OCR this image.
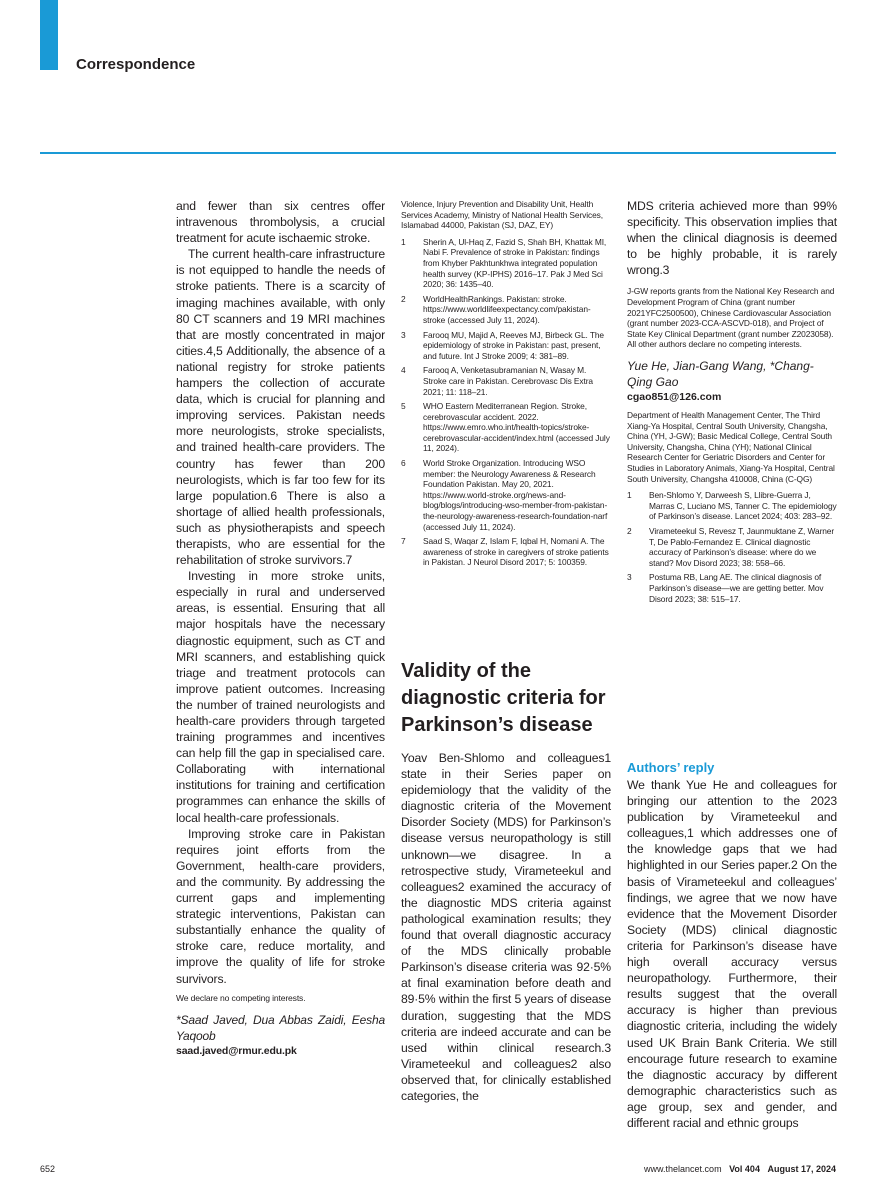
Correspondence

and fewer than six centres offer intravenous thrombolysis, a crucial treatment for acute ischaemic stroke.

The current health-care infrastructure is not equipped to handle the needs of stroke patients. There is a scarcity of imaging machines available, with only 80 CT scanners and 19 MRI machines that are mostly concentrated in major cities.4,5 Additionally, the absence of a national registry for stroke patients hampers the collection of accurate data, which is crucial for planning and improving services. Pakistan needs more neurologists, stroke specialists, and trained health-care providers. The country has fewer than 200 neurologists, which is far too few for its large population.6 There is also a shortage of allied health professionals, such as physiotherapists and speech therapists, who are essential for the rehabilitation of stroke survivors.7

Investing in more stroke units, especially in rural and underserved areas, is essential. Ensuring that all major hospitals have the necessary diagnostic equipment, such as CT and MRI scanners, and establishing quick triage and treatment protocols can improve patient outcomes. Increasing the number of trained neurologists and health-care providers through targeted training programmes and incentives can help fill the gap in specialised care. Collaborating with international institutions for training and certification programmes can enhance the skills of local health-care professionals.

Improving stroke care in Pakistan requires joint efforts from the Government, health-care providers, and the community. By addressing the current gaps and implementing strategic interventions, Pakistan can substantially enhance the quality of stroke care, reduce mortality, and improve the quality of life for stroke survivors.

We declare no competing interests.

*Saad Javed, Dua Abbas Zaidi, Eesha Yaqoob

saad.javed@rmur.edu.pk

Violence, Injury Prevention and Disability Unit, Health Services Academy, Ministry of National Health Services, Islamabad 44000, Pakistan (SJ, DAZ, EY)

1	Sherin A, Ul-Haq Z, Fazid S, Shah BH, Khattak MI, Nabi F. Prevalence of stroke in Pakistan: findings from Khyber Pakhtunkhwa integrated population health survey (KP-IPHS) 2016–17. Pak J Med Sci 2020; 36: 1435–40.
2	WorldHealthRankings. Pakistan: stroke. https://www.worldlifeexpectancy.com/pakistan-stroke (accessed July 11, 2024).
3	Farooq MU, Majid A, Reeves MJ, Birbeck GL. The epidemiology of stroke in Pakistan: past, present, and future. Int J Stroke 2009; 4: 381–89.
4	Farooq A, Venketasubramanian N, Wasay M. Stroke care in Pakistan. Cerebrovasc Dis Extra 2021; 11: 118–21.
5	WHO Eastern Mediterranean Region. Stroke, cerebrovascular accident. 2022. https://www.emro.who.int/health-topics/stroke-cerebrovascular-accident/index.html (accessed July 11, 2024).
6	World Stroke Organization. Introducing WSO member: the Neurology Awareness & Research Foundation Pakistan. May 20, 2021. https://www.world-stroke.org/news-and-blog/blogs/introducing-wso-member-from-pakistan-the-neurology-awareness-research-foundation-narf (accessed July 11, 2024).
7	Saad S, Waqar Z, Islam F, Iqbal H, Nomani A. The awareness of stroke in caregivers of stroke patients in Pakistan. J Neurol Disord 2017; 5: 100359.
Validity of the diagnostic criteria for Parkinson’s disease

Yoav Ben-Shlomo and colleagues1 state in their Series paper on epidemiology that the validity of the diagnostic criteria of the Movement Disorder Society (MDS) for Parkinson’s disease versus neuropathology is still unknown—we disagree. In a retrospective study, Virameteekul and colleagues2 examined the accuracy of the diagnostic MDS criteria against pathological examination results; they found that overall diagnostic accuracy of the MDS clinically probable Parkinson’s disease criteria was 92·5% at final examination before death and 89·5% within the first 5 years of disease duration, suggesting that the MDS criteria are indeed accurate and can be used within clinical research.3 Virameteekul and colleagues2 also observed that, for clinically established categories, the

MDS criteria achieved more than 99% specificity. This observation implies that when the clinical diagnosis is deemed to be highly probable, it is rarely wrong.3

J-GW reports grants from the National Key Research and Development Program of China (grant number 2021YFC2500500), Chinese Cardiovascular Association (grant number 2023-CCA-ASCVD-018), and Project of State Key Clinical Department (grant number Z2023058). All other authors declare no competing interests.

Yue He, Jian-Gang Wang, *Chang-Qing Gao

cgao851@126.com

Department of Health Management Center, The Third Xiang-Ya Hospital, Central South University, Changsha, China (YH, J-GW); Basic Medical College, Central South University, Changsha, China (YH); National Clinical Research Center for Geriatric Disorders and Center for Studies in Laboratory Animals, Xiang-Ya Hospital, Central South University, Changsha 410008, China (C-QG)

1	Ben-Shlomo Y, Darweesh S, Llibre-Guerra J, Marras C, Luciano MS, Tanner C. The epidemiology of Parkinson’s disease. Lancet 2024; 403: 283–92.
2	Virameteekul S, Revesz T, Jaunmuktane Z, Warner T, De Pablo-Fernandez E. Clinical diagnostic accuracy of Parkinson’s disease: where do we stand? Mov Disord 2023; 38: 558–66.
3	Postuma RB, Lang AE. The clinical diagnosis of Parkinson’s disease—we are getting better. Mov Disord 2023; 38: 515–17.
Authors’ reply

We thank Yue He and colleagues for bringing our attention to the 2023 publication by Virameteekul and colleagues,1 which addresses one of the knowledge gaps that we had highlighted in our Series paper.2 On the basis of Virameteekul and colleagues’ findings, we agree that we now have evidence that the Movement Disorder Society (MDS) clinical diagnostic criteria for Parkinson’s disease have high overall accuracy versus neuropathology. Furthermore, their results suggest that the overall accuracy is higher than previous diagnostic criteria, including the widely used UK Brain Bank Criteria. We still encourage future research to examine the diagnostic accuracy by different demographic characteristics such as age group, sex and gender, and different racial and ethnic groups

652	www.thelancet.com Vol 404 August 17, 2024
